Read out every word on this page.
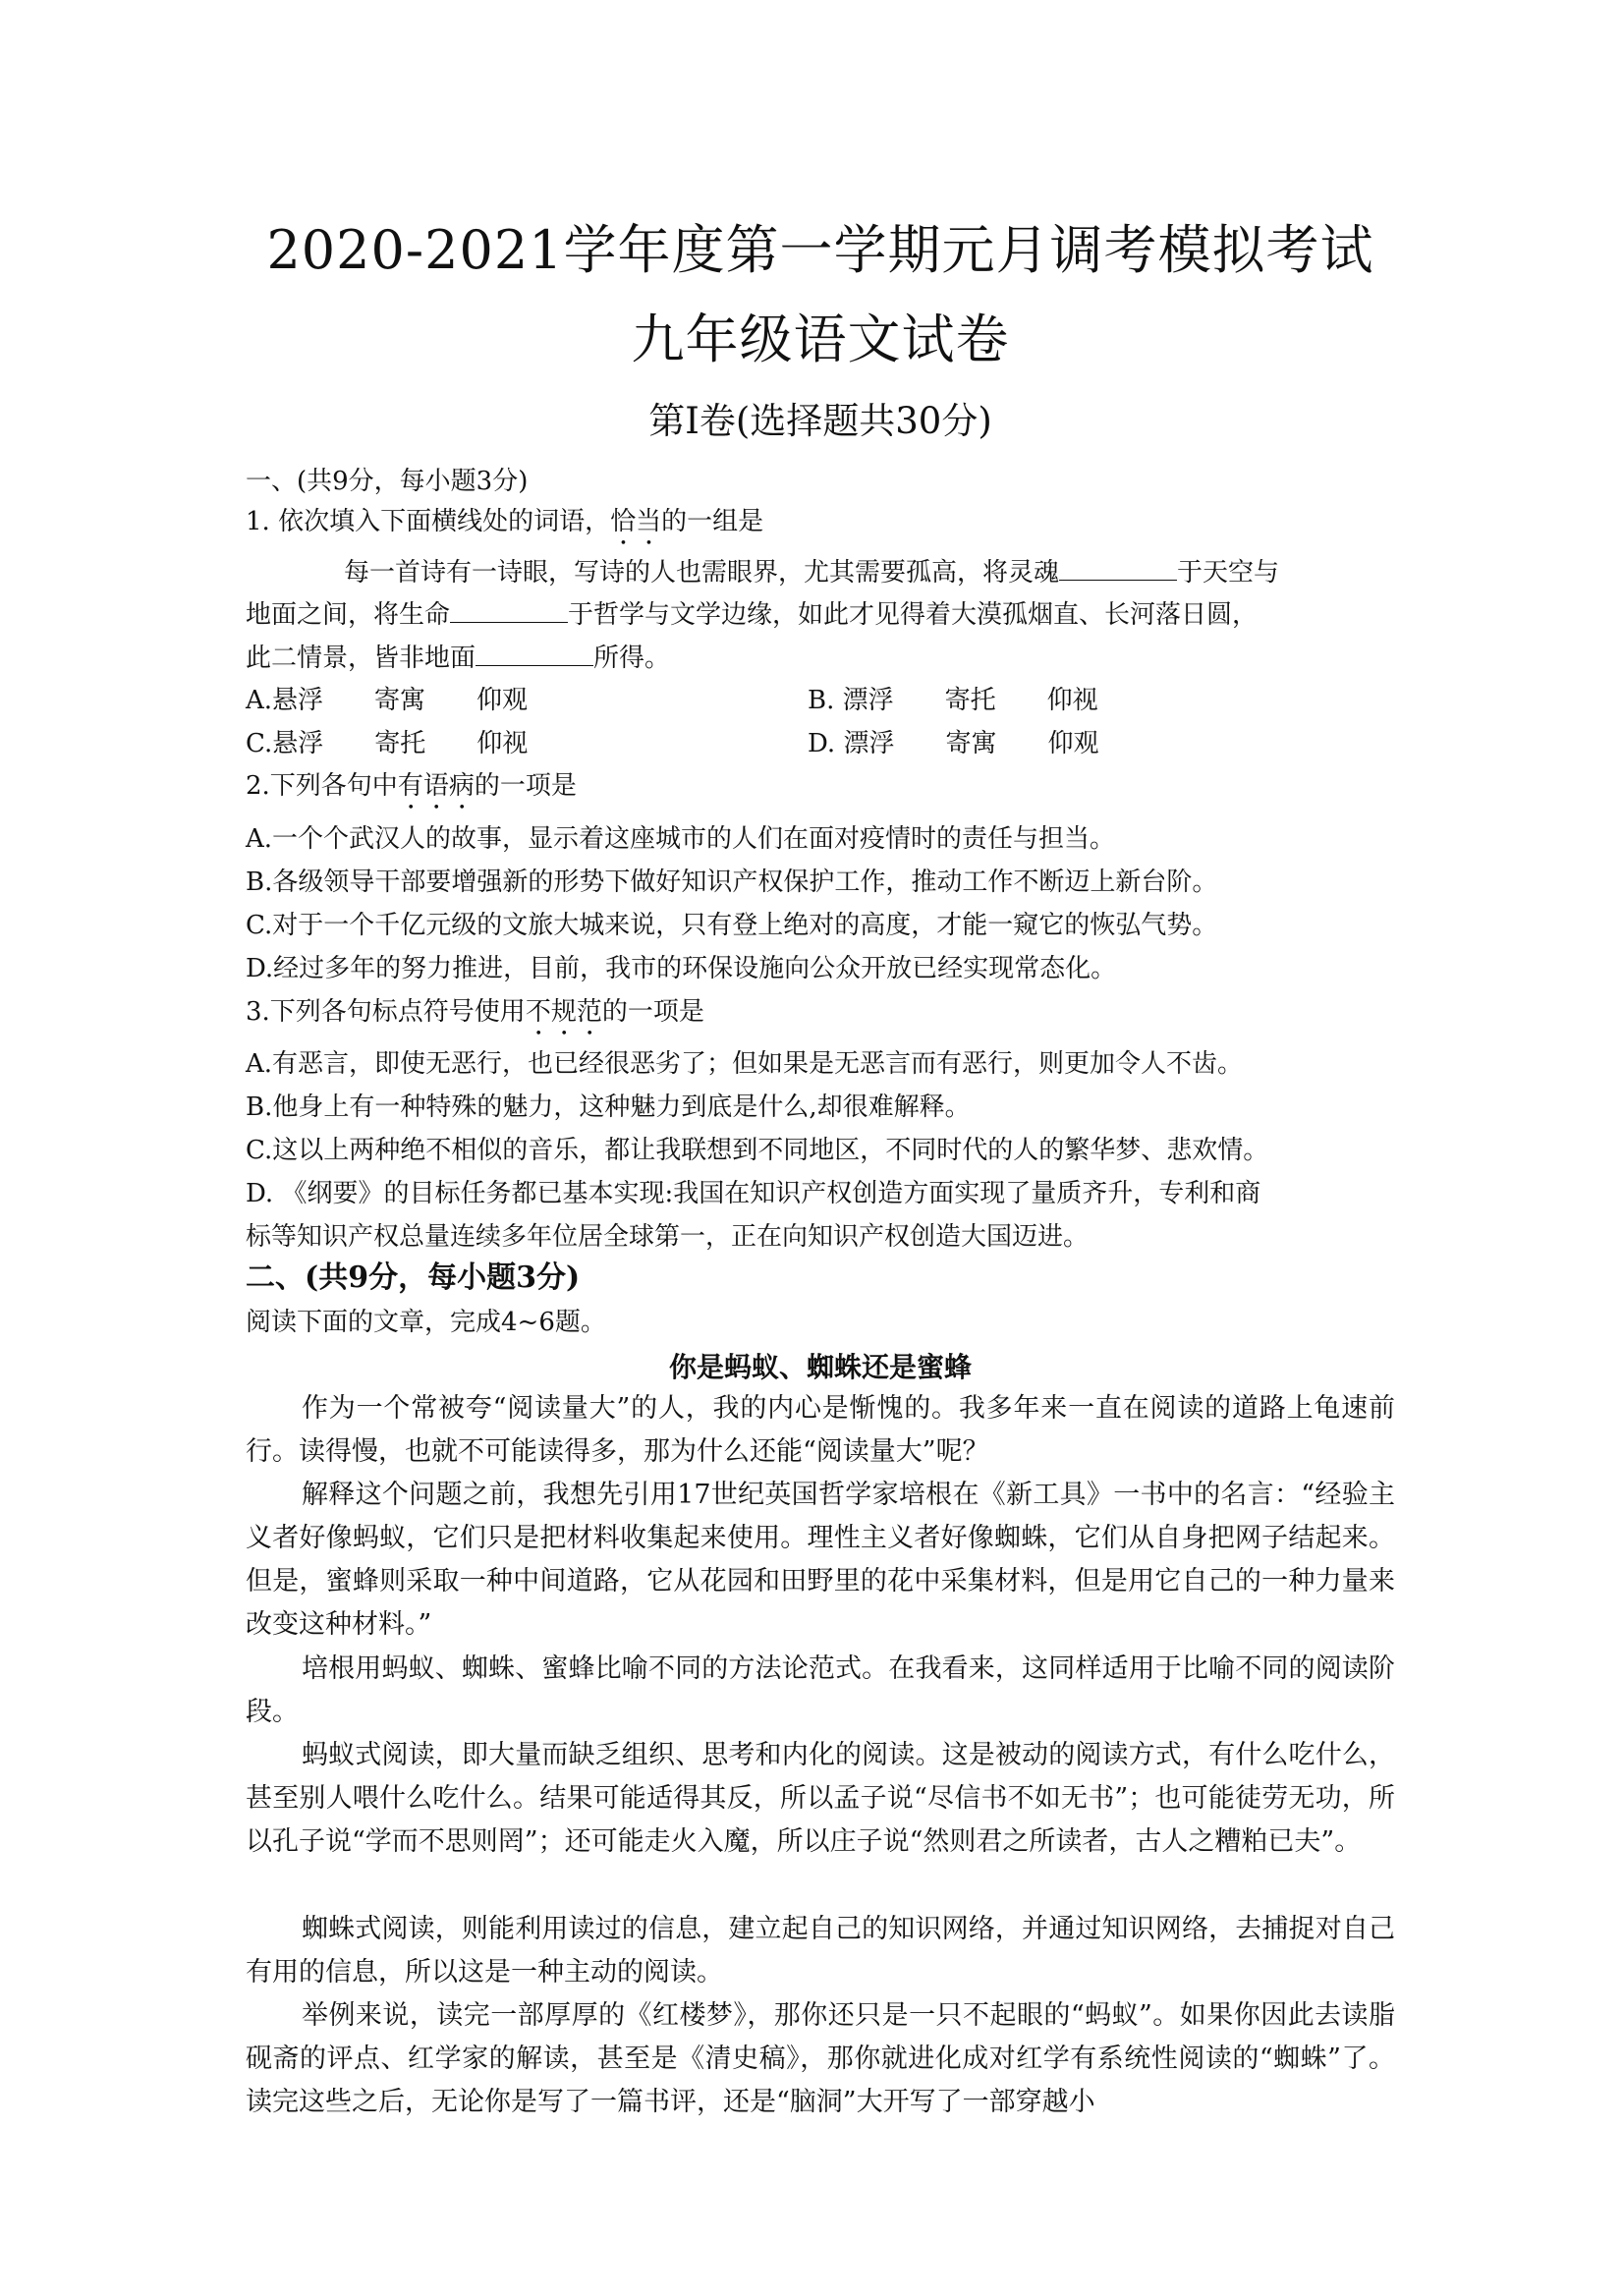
2020-2021学年度第一学期元月调考模拟考试
九年级语文试卷
第Ⅰ卷(选择题共30分)
一、(共9分，每小题3分)
1. 依次填入下面横线处的词语，恰当的一组是
每一首诗有一诗眼，写诗的人也需眼界，尤其需要孤高，将灵魂	于天空与
地面之间，将生命	于哲学与文学边缘，如此才见得着大漠孤烟直、长河落日圆，
此二情景，皆非地面	所得。
A.悬浮　　寄寓　　仰观	B. 漂浮　　寄托　　仰视
C.悬浮　　寄托　　仰视	D. 漂浮　　寄寓　　仰观
2.下列各句中有语病的一项是
A.一个个武汉人的故事，显示着这座城市的人们在面对疫情时的责任与担当。
B.各级领导干部要增强新的形势下做好知识产权保护工作，推动工作不断迈上新台阶。
C.对于一个千亿元级的文旅大城来说，只有登上绝对的高度，才能一窥它的恢弘气势。
D.经过多年的努力推进，目前，我市的环保设施向公众开放已经实现常态化。
3.下列各句标点符号使用不规范的一项是
A.有恶言，即使无恶行，也已经很恶劣了；但如果是无恶言而有恶行，则更加令人不齿。
B.他身上有一种特殊的魅力，这种魅力到底是什么,却很难解释。
C.这以上两种绝不相似的音乐，都让我联想到不同地区，不同时代的人的繁华梦、悲欢情。
D. 《纲要》的目标任务都已基本实现:我国在知识产权创造方面实现了量质齐升，专利和商
标等知识产权总量连续多年位居全球第一，正在向知识产权创造大国迈进。
二、(共9分，每小题3分)
阅读下面的文章，完成4~6题。
你是蚂蚁、蜘蛛还是蜜蜂
作为一个常被夸“阅读量大”的人，我的内心是惭愧的。我多年来一直在阅读的道路上龟速前行。读得慢，也就不可能读得多，那为什么还能“阅读量大”呢？
解释这个问题之前，我想先引用17世纪英国哲学家培根在《新工具》一书中的名言：“经验主义者好像蚂蚁，它们只是把材料收集起来使用。理性主义者好像蜘蛛，它们从自身把网子结起来。但是，蜜蜂则采取一种中间道路，它从花园和田野里的花中采集材料，但是用它自己的一种力量来改变这种材料。”
培根用蚂蚁、蜘蛛、蜜蜂比喻不同的方法论范式。在我看来，这同样适用于比喻不同的阅读阶段。
蚂蚁式阅读，即大量而缺乏组织、思考和内化的阅读。这是被动的阅读方式，有什么吃什么，甚至别人喂什么吃什么。结果可能适得其反，所以孟子说“尽信书不如无书”；也可能徒劳无功，所以孔子说“学而不思则罔”；还可能走火入魔，所以庄子说“然则君之所读者，古人之糟粕已夫”。
蜘蛛式阅读，则能利用读过的信息，建立起自己的知识网络，并通过知识网络，去捕捉对自己有用的信息，所以这是一种主动的阅读。
举例来说，读完一部厚厚的《红楼梦》，那你还只是一只不起眼的“蚂蚁”。如果你因此去读脂砚斋的评点、红学家的解读，甚至是《清史稿》，那你就进化成对红学有系统性阅读的“蜘蛛”了。读完这些之后，无论你是写了一篇书评，还是“脑洞”大开写了一部穿越小
